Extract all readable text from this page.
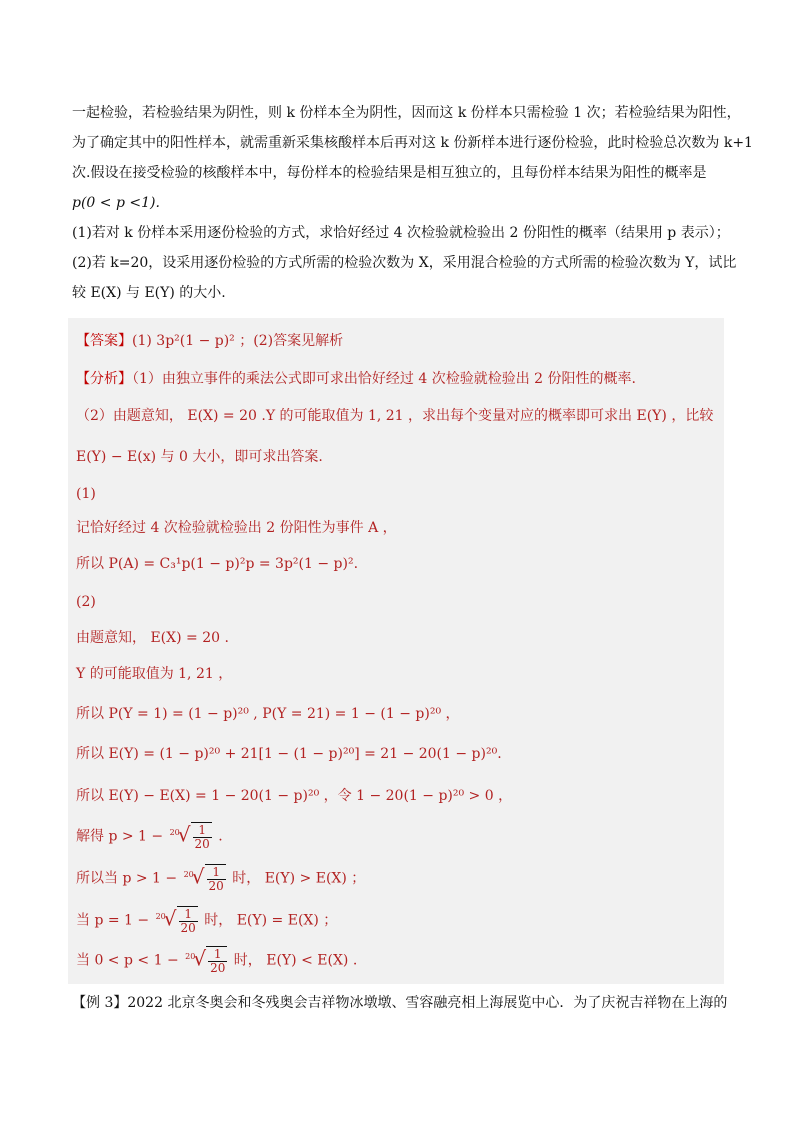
一起检验，若检验结果为阴性，则 k 份样本全为阴性，因而这 k 份样本只需检验 1 次；若检验结果为阳性，
为了确定其中的阳性样本，就需重新采集核酸样本后再对这 k 份新样本进行逐份检验，此时检验总次数为 k+1
次.假设在接受检验的核酸样本中，每份样本的检验结果是相互独立的，且每份样本结果为阳性的概率是
p(0 < p <1).
(1)若对 k 份样本采用逐份检验的方式，求恰好经过 4 次检验就检验出 2 份阳性的概率（结果用 p 表示）；
(2)若 k=20，设采用逐份检验的方式所需的检验次数为 X，采用混合检验的方式所需的检验次数为 Y，试比
较 E(X) 与 E(Y) 的大小.
【答案】(1) 3p²(1 − p)² ；(2)答案见解析
【分析】（1）由独立事件的乘法公式即可求出恰好经过 4 次检验就检验出 2 份阳性的概率.
（2）由题意知， E(X) = 20 .Y 的可能取值为 1, 21 ，求出每个变量对应的概率即可求出 E(Y) ，比较
E(Y) − E(x) 与 0 大小，即可求出答案.
(1)
记恰好经过 4 次检验就检验出 2 份阳性为事件 A ，
所以 P(A) = C₃¹p(1 − p)²p = 3p²(1 − p)².
(2)
由题意知， E(X) = 20 .
Y 的可能取值为 1, 21 ，
所以 P(Y = 1) = (1 − p)²⁰ , P(Y = 21) = 1 − (1 − p)²⁰ ，
所以 E(Y) = (1 − p)²⁰ + 21[1 − (1 − p)²⁰] = 21 − 20(1 − p)²⁰.
所以 E(Y) − E(X) = 1 − 20(1 − p)²⁰ ，令 1 − 20(1 − p)²⁰ > 0 ，
解得 $p > 1 - ^{20}√ \frac{1}{20}$ .
所以当 $p > 1 - ^{20}√ \frac{1}{20}$ 时， E(Y) > E(X) ；
当 $p = 1 - ^{20}√ \frac{1}{20}$ 时， E(Y) = E(X) ；
当 $0 < p < 1 - ^{20}√ \frac{1}{20}$ 时， E(Y) < E(X) .
【例 3】2022 北京冬奥会和冬残奥会吉祥物冰墩墩、雪容融亮相上海展览中心．为了庆祝吉祥物在上海的
